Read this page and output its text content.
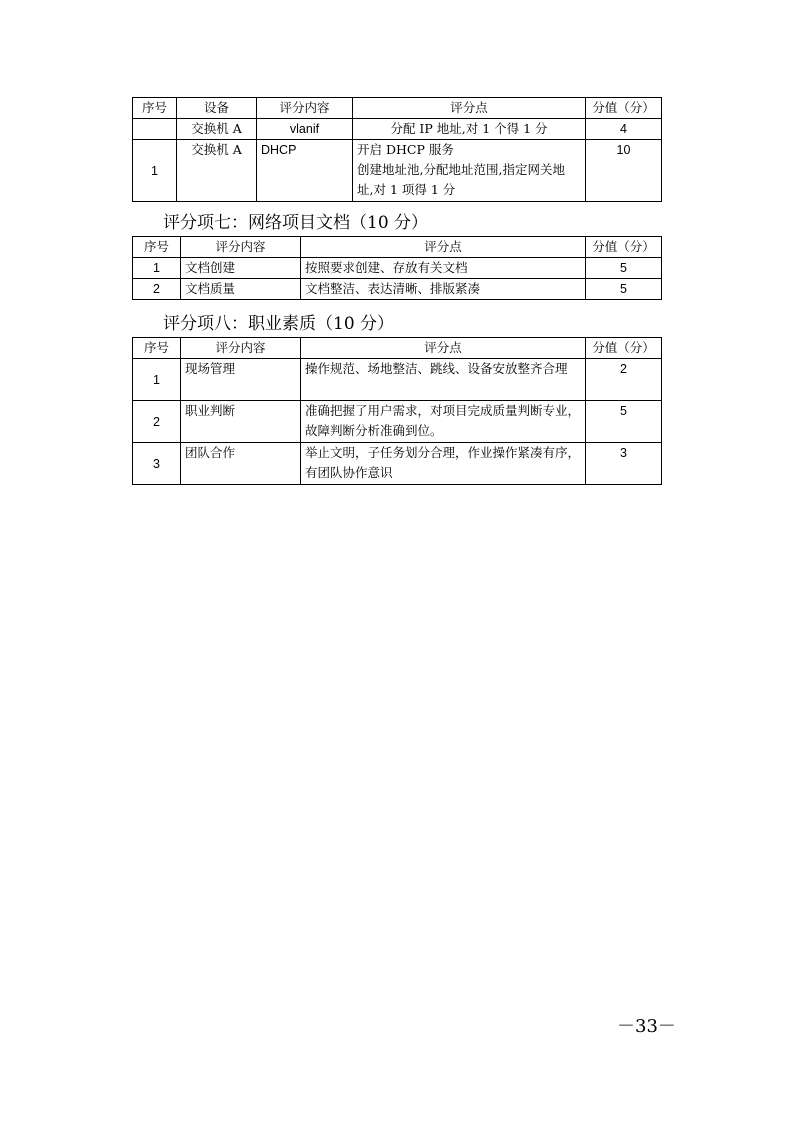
序号	设备	评分内容	评分点	分值（分）
	交换机 A	vlanif	分配 IP 地址,对 1 个得 1 分	4
1	交换机 A	DHCP	开启 DHCP 服务
创建地址池,分配地址范围,指定网关地址,对 1 项得 1 分	10
评分项七：网络项目文档（10 分）
序号	评分内容	评分点	分值（分）
1	文档创建	按照要求创建、存放有关文档	5
2	文档质量	文档整洁、表达清晰、排版紧凑	5
评分项八：职业素质（10 分）
序号	评分内容	评分点	分值（分）
1	现场管理	操作规范、场地整洁、跳线、设备安放整齐合理	2
2	职业判断	准确把握了用户需求，对项目完成质量判断专业，故障判断分析准确到位。	5
3	团队合作	举止文明，子任务划分合理，作业操作紧凑有序，有团队协作意识	3
－33－
